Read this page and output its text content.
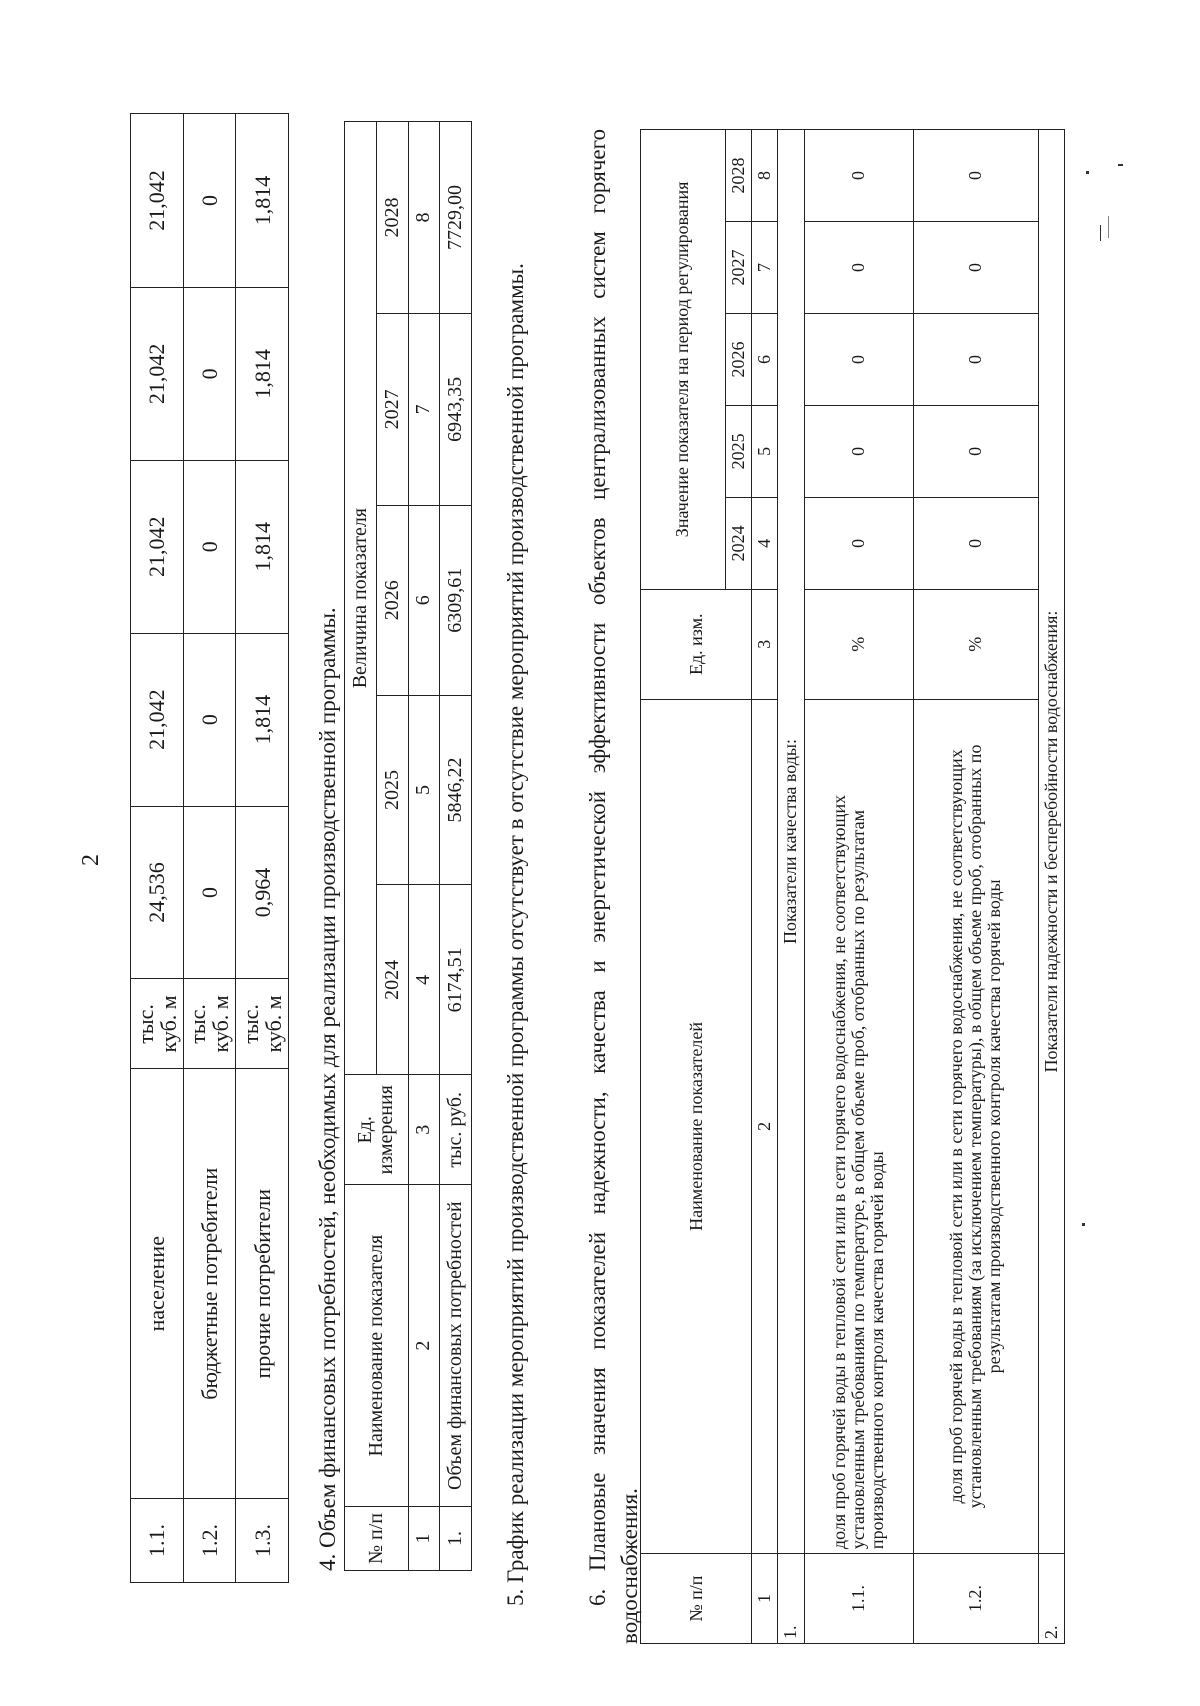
2
1.1.	население	тыс. куб. м	24,536	21,042	21,042	21,042	21,042
1.2.	бюджетные потребители	тыс. куб. м	0	0	0	0	0
1.3.	прочие потребители	тыс. куб. м	0,964	1,814	1,814	1,814	1,814

4. Объем финансовых потребностей, необходимых для реализации производственной программы. № п/п	Наименование показателя	Ед. измерения	Величина показателя				
			2024	2025	2026	2027	2028
1	2	3	4	5	6	7	8
1.	Объем финансовых потребностей	тыс. руб.	6174,51	5846,22	6309,61	6943,35	7729,00

5. График реализации мероприятий производственной программы отсутствует в отсутствие мероприятий производственной программы. 6. Плановые значения показателей надежности, качества и энергетической эффективности объектов централизованных систем горячего водоснабжения. № п/п	Наименование показателей	Ед. изм.	Значение показателя на период регулирования				
			2024	2025	2026	2027	2028
1	2	3	4	5	6	7	8
1.	Показатели качества воды:						
1.1.	доля проб горячей воды в тепловой сети или в сети горячего водоснабжения, не соответствующих установленным требованиям по температуре, в общем объеме проб, отобранных по результатам производственного контроля качества горячей воды	%	0	0	0	0	0
1.2.	доля проб горячей воды в тепловой сети или в сети горячего водоснабжения, не соответствующих установленным требованиям (за исключением температуры), в общем объеме проб, отобранных по результатам производственного контроля качества горячей воды	%	0	0	0	0	0
2.	Показатели надежности и бесперебойности водоснабжения:						
